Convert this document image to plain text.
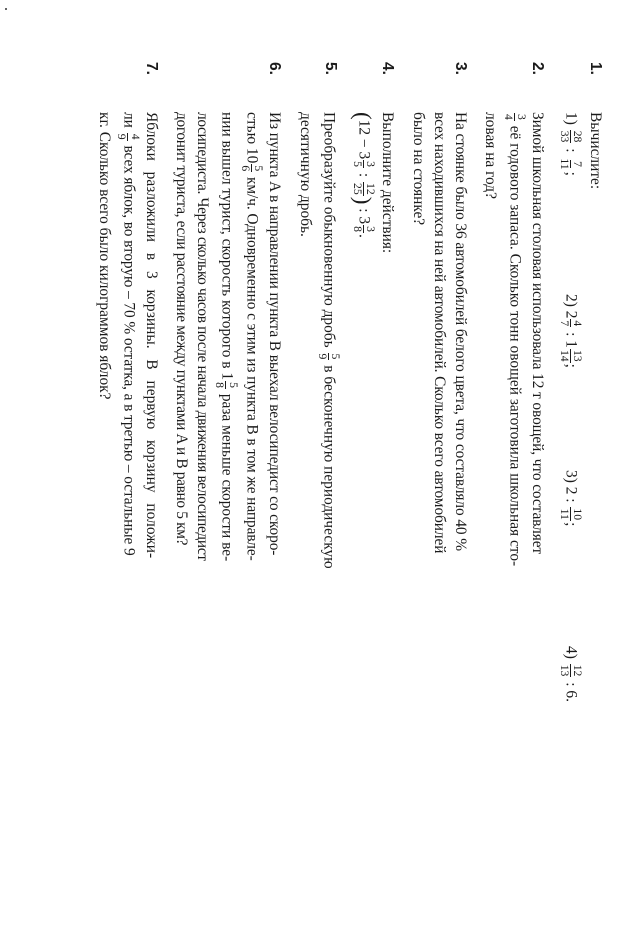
1.
Вычислите:
1)
28
33
:
7
11
;
2) 2
4
7
: 1
13
14
;
3) 2 :
10
11
;
4)
12
13
: 6.
2.
Зимой школьная столовая использовала 12 т овощей, что составляет
3
4
её годового запаса. Сколько тонн овощей заготовила школьная сто-
ловая на год?
3.
На стоянке было 36 автомобилей белого цвета, что составляло 40 %
всех находившихся на ней автомобилей. Сколько всего автомобилей
было на стоянке?
4.
Выполните действия:
(12 − 3
3
5
:
12
25
) : 3
3
8
.
5.
Преобразуйте обыкновенную дробь
5
9
в бесконечную периодическую
десятичную дробь.
6.
Из пункта A в направлении пункта B выехал велосипедист со скоро-
стью 10
5
6
км/ч. Одновременно с этим из пункта B в том же направле-
нии вышел турист, скорость которого в 1
5
8
раза меньше скорости ве-
лосипедиста. Через сколько часов после начала движения велосипедист
догонит туриста, если расстояние между пунктами A и B равно 5 км?
7.
Яблоки разложили в 3 корзины. В первую корзину положи-
ли
4
9
всех яблок, во вторую – 70 % остатка, а в третью – остальные 9
кг. Сколько всего было килограммов яблок?
